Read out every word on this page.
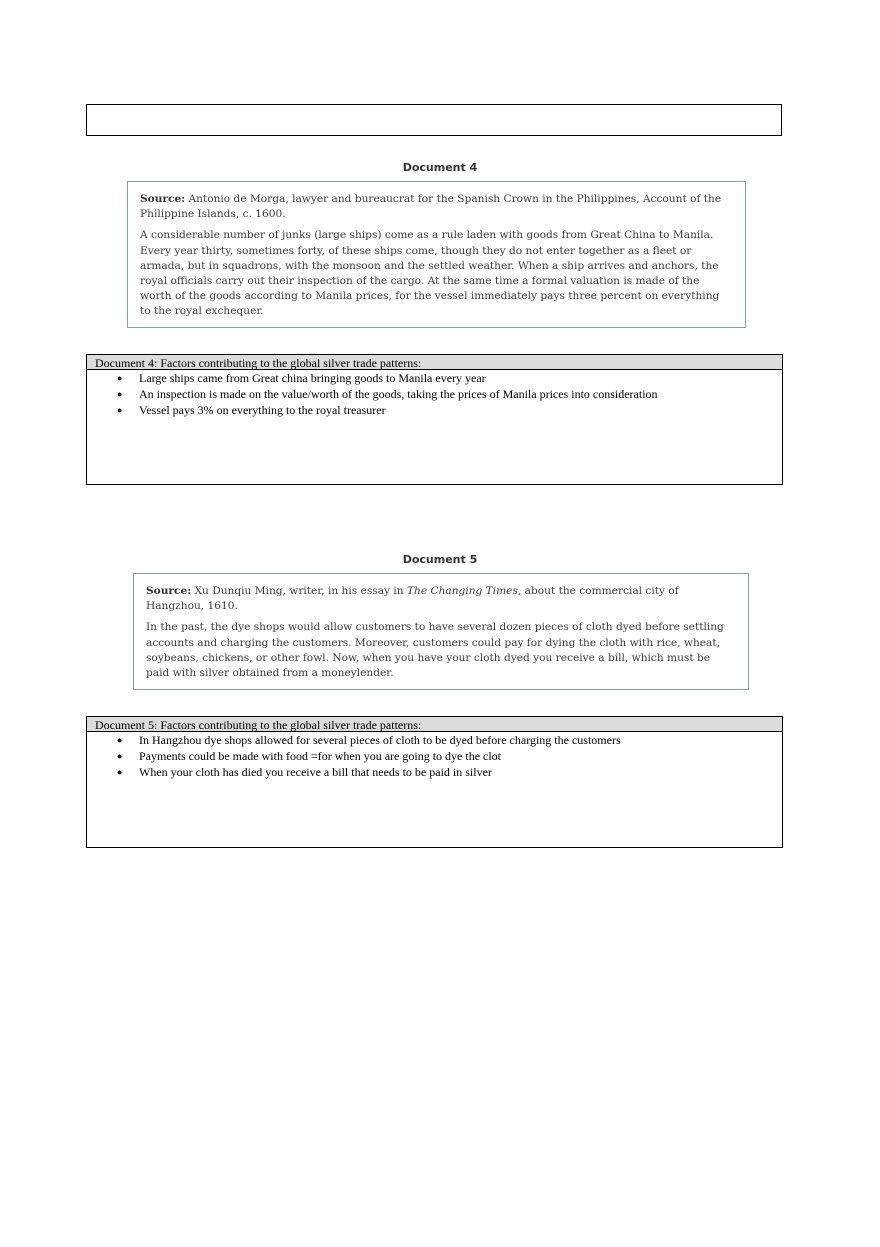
Document 4

Source: Antonio de Morga, lawyer and bureaucrat for the Spanish Crown in the Philippines, Account of the Philippine Islands, c. 1600.

A considerable number of junks (large ships) come as a rule laden with goods from Great China to Manila. Every year thirty, sometimes forty, of these ships come, though they do not enter together as a fleet or armada, but in squadrons, with the monsoon and the settled weather. When a ship arrives and anchors, the royal officials carry out their inspection of the cargo. At the same time a formal valuation is made of the worth of the goods according to Manila prices, for the vessel immediately pays three percent on everything to the royal exchequer.

Document 4: Factors contributing to the global silver trade patterns:
● Large ships came from Great china bringing goods to Manila every year
● An inspection is made on the value/worth of the goods, taking the prices of Manila prices into consideration
● Vessel pays 3% on everything to the royal treasurer
Document 5

Source: Xu Dunqiu Ming, writer, in his essay in The Changing Times, about the commercial city of Hangzhou, 1610.

In the past, the dye shops would allow customers to have several dozen pieces of cloth dyed before settling accounts and charging the customers. Moreover, customers could pay for dying the cloth with rice, wheat, soybeans, chickens, or other fowl. Now, when you have your cloth dyed you receive a bill, which must be paid with silver obtained from a moneylender.

Document 5: Factors contributing to the global silver trade patterns:
● In Hangzhou dye shops allowed for several pieces of cloth to be dyed before charging the customers
● Payments could be made with food =for when you are going to dye the clot
● When your cloth has died you receive a bill that needs to be paid in silver
